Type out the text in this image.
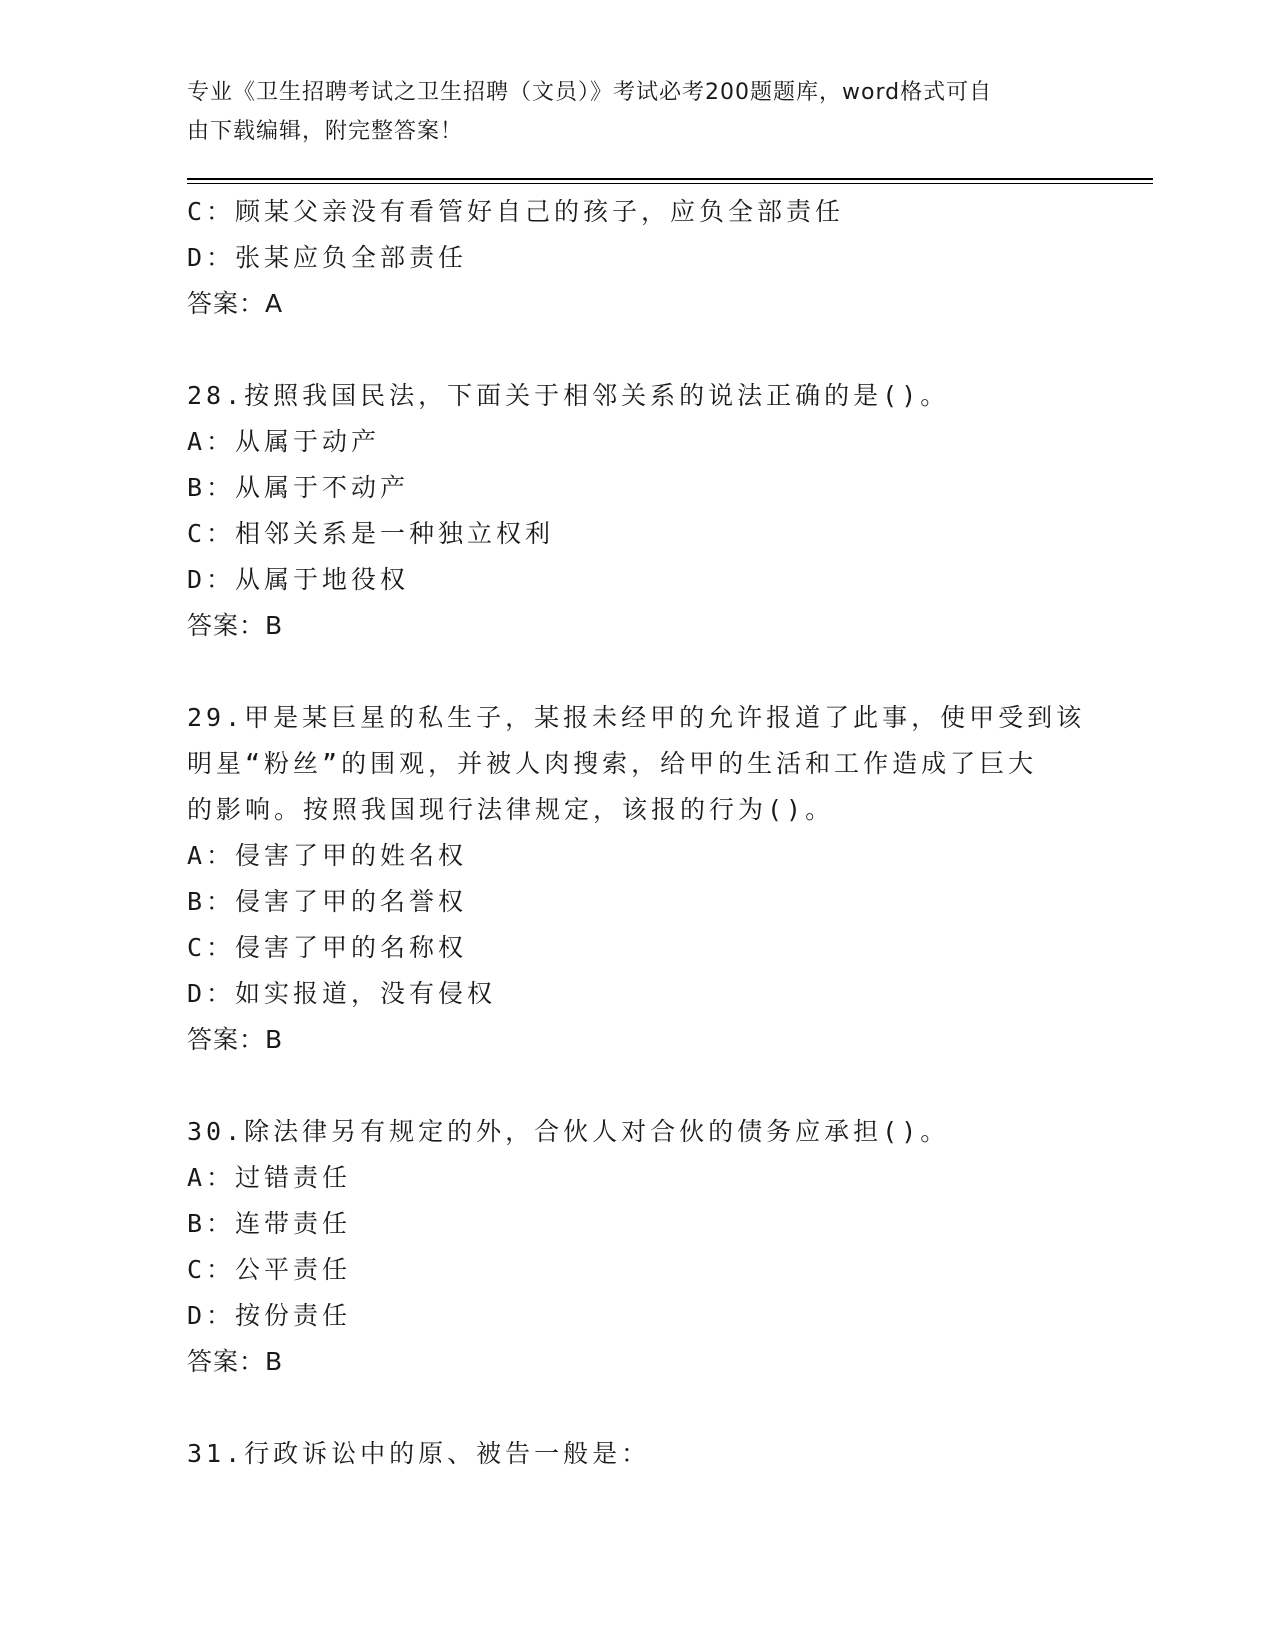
专业《卫生招聘考试之卫生招聘（文员）》考试必考200题题库，word格式可自
由下载编辑，附完整答案！
C：顾某父亲没有看管好自己的孩子，应负全部责任
D：张某应负全部责任
答案：A
28.按照我国民法，下面关于相邻关系的说法正确的是()。
A：从属于动产
B：从属于不动产
C：相邻关系是一种独立权利
D：从属于地役权
答案：B
29.甲是某巨星的私生子，某报未经甲的允许报道了此事，使甲受到该
明星“粉丝”的围观，并被人肉搜索，给甲的生活和工作造成了巨大
的影响。按照我国现行法律规定，该报的行为()。
A：侵害了甲的姓名权
B：侵害了甲的名誉权
C：侵害了甲的名称权
D：如实报道，没有侵权
答案：B
30.除法律另有规定的外，合伙人对合伙的债务应承担()。
A：过错责任
B：连带责任
C：公平责任
D：按份责任
答案：B
31.行政诉讼中的原、被告一般是：
